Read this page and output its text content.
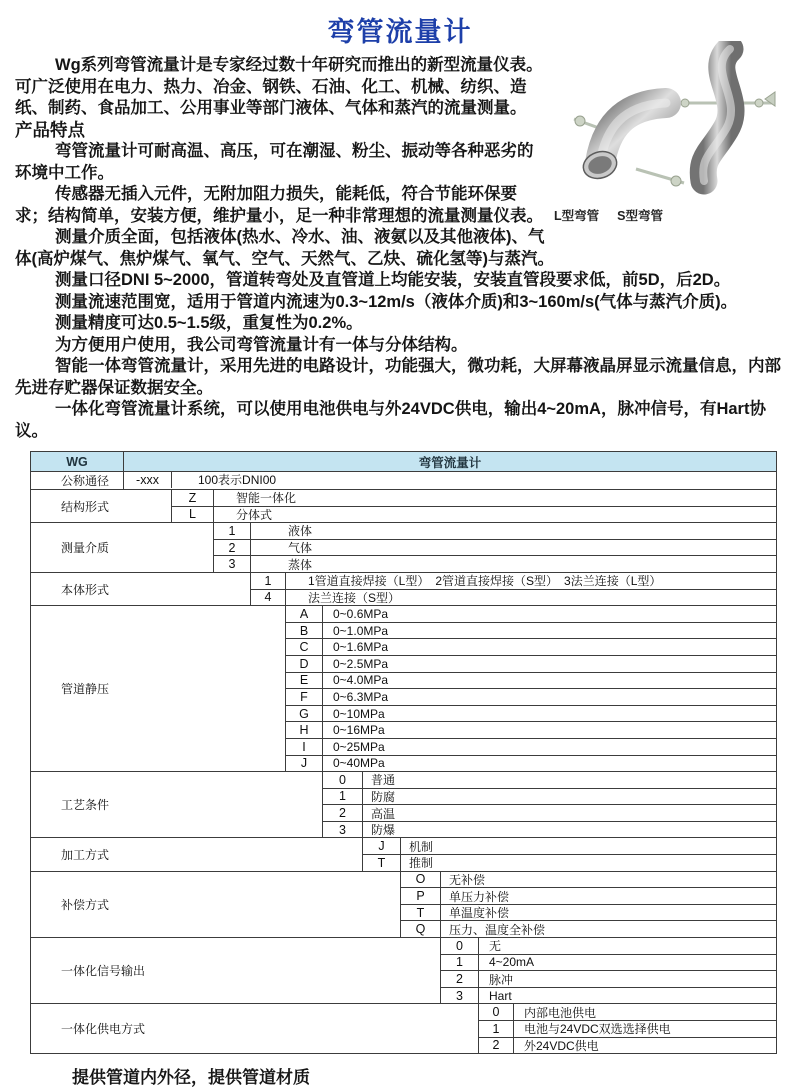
弯管流量计
L型弯管 S型弯管

Wg系列弯管流量计是专家经过数十年研究而推出的新型流量仪表。可广泛使用在电力、热力、冶金、钢铁、石油、化工、机械、纺织、造纸、制药、食品加工、公用事业等部门液体、气体和蒸汽的流量测量。

产品特点

弯管流量计可耐高温、高压，可在潮湿、粉尘、振动等各种恶劣的环境中工作。

传感器无插入元件，无附加阻力损失，能耗低，符合节能环保要求；结构简单，安装方便，维护量小，足一种非常理想的流量测量仪表。

测量介质全面，包括液体(热水、冷水、油、液氨以及其他液体)、气体(高炉煤气、焦炉煤气、氧气、空气、天然气、乙炔、硫化氢等)与蒸汽。

测量口径DNI 5~2000，管道转弯处及直管道上均能安装，安装直管段要求低，前5D，后2D。

测量流速范围宽，适用于管道内流速为0.3~12m/s（液体介质)和3~160m/s(气体与蒸汽介质)。

测量精度可达0.5~1.5级，重复性为0.2%。

为方便用户使用，我公司弯管流量计有一体与分体结构。

智能一体弯管流量计，采用先进的电路设计，功能强大，微功耗，大屏幕液晶屏显示流量信息，内部先进存贮器保证数据安全。

一体化弯管流量计系统，可以使用电池供电与外24VDC供电，输出4~20mA，脉冲信号，有Hart协议。

WG	弯管流量计
公称通径	-xxx	100表示DNI00
结构形式
Z	智能一体化
L	分体式
测量介质
1	液体
2	气体
3	蒸体
本体形式
1	1管道直接焊接（L型）　2管道直接焊接（S型）　3法兰连接（L型）
4	法兰连接（S型）
管道静压
A	0~0.6MPa
B	0~1.0MPa
C	0~1.6MPa
D	0~2.5MPa
E	0~4.0MPa
F	0~6.3MPa
G	0~10MPa
H	0~16MPa
I	0~25MPa
J	0~40MPa
工艺条件
0	普通
1	防腐
2	高温
3	防爆
加工方式
J	机制
T	推制
补偿方式
O	无补偿
P	单压力补偿
T	单温度补偿
Q	压力、温度全补偿
一体化信号输出
0	无
1	4~20mA
2	脉冲
3	Hart
一体化供电方式
0	内部电池供电
1	电池与24VDC双选选择供电
2	外24VDC供电
提供管道内外径，提供管道材质
